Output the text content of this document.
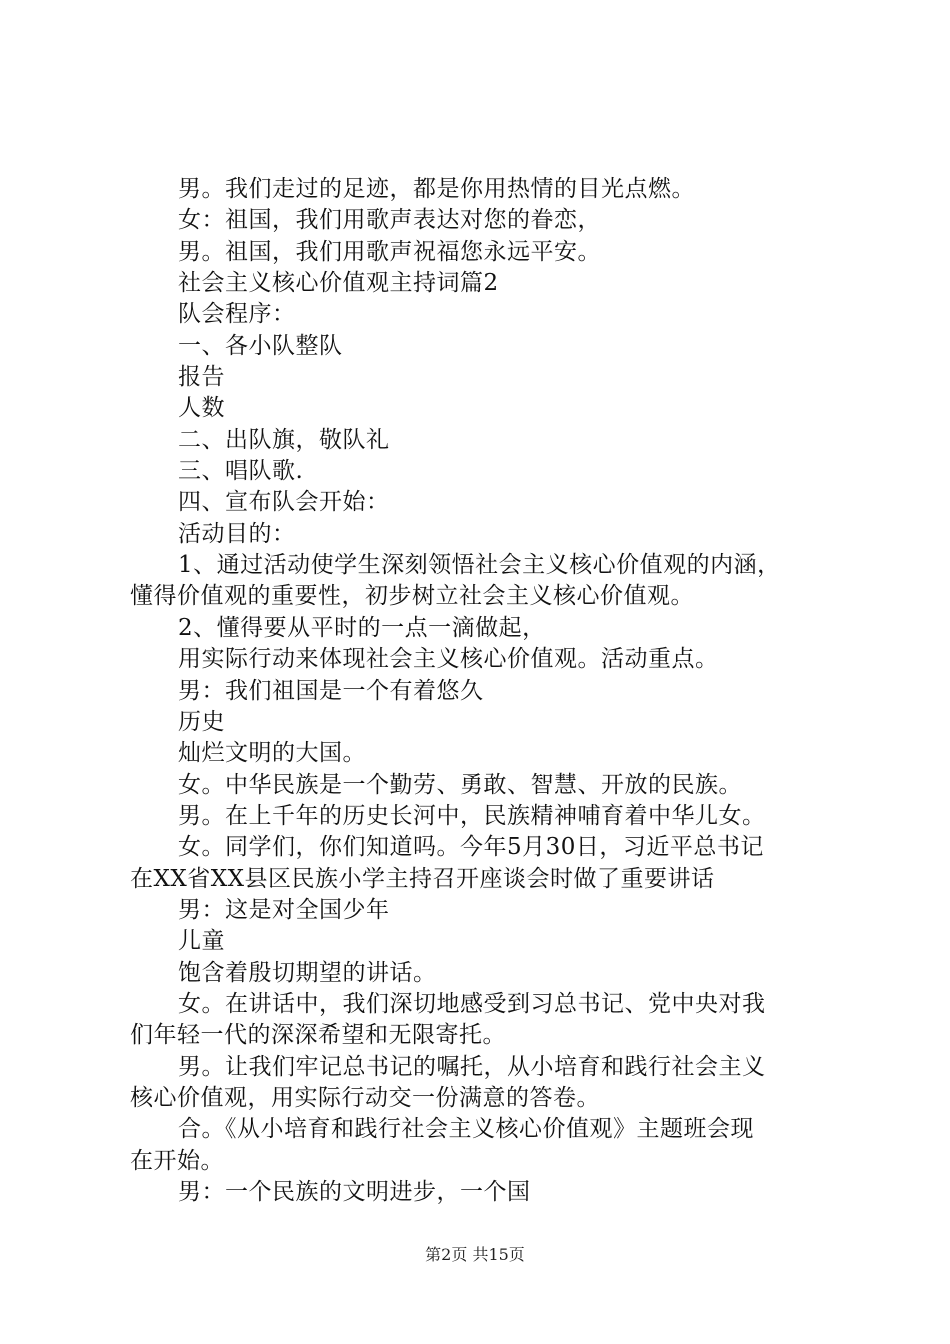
男。我们走过的足迹，都是你用热情的目光点燃。
女：祖国，我们用歌声表达对您的眷恋，
男。祖国，我们用歌声祝福您永远平安。
社会主义核心价值观主持词篇2
队会程序：
一、各小队整队
报告
人数
二、出队旗，敬队礼
三、唱队歌.
四、宣布队会开始：
活动目的：
1、通过活动使学生深刻领悟社会主义核心价值观的内涵，
懂得价值观的重要性，初步树立社会主义核心价值观。
2、懂得要从平时的一点一滴做起，
用实际行动来体现社会主义核心价值观。活动重点。
男：我们祖国是一个有着悠久
历史
灿烂文明的大国。
女。中华民族是一个勤劳、勇敢、智慧、开放的民族。
男。在上千年的历史长河中，民族精神哺育着中华儿女。
女。同学们，你们知道吗。今年5月30日，习近平总书记
在XX省XX县区民族小学主持召开座谈会时做了重要讲话
男：这是对全国少年
儿童
饱含着殷切期望的讲话。
女。在讲话中，我们深切地感受到习总书记、党中央对我
们年轻一代的深深希望和无限寄托。
男。让我们牢记总书记的嘱托，从小培育和践行社会主义
核心价值观，用实际行动交一份满意的答卷。
合。《从小培育和践行社会主义核心价值观》主题班会现
在开始。
男：一个民族的文明进步，一个国
第2页 共15页
